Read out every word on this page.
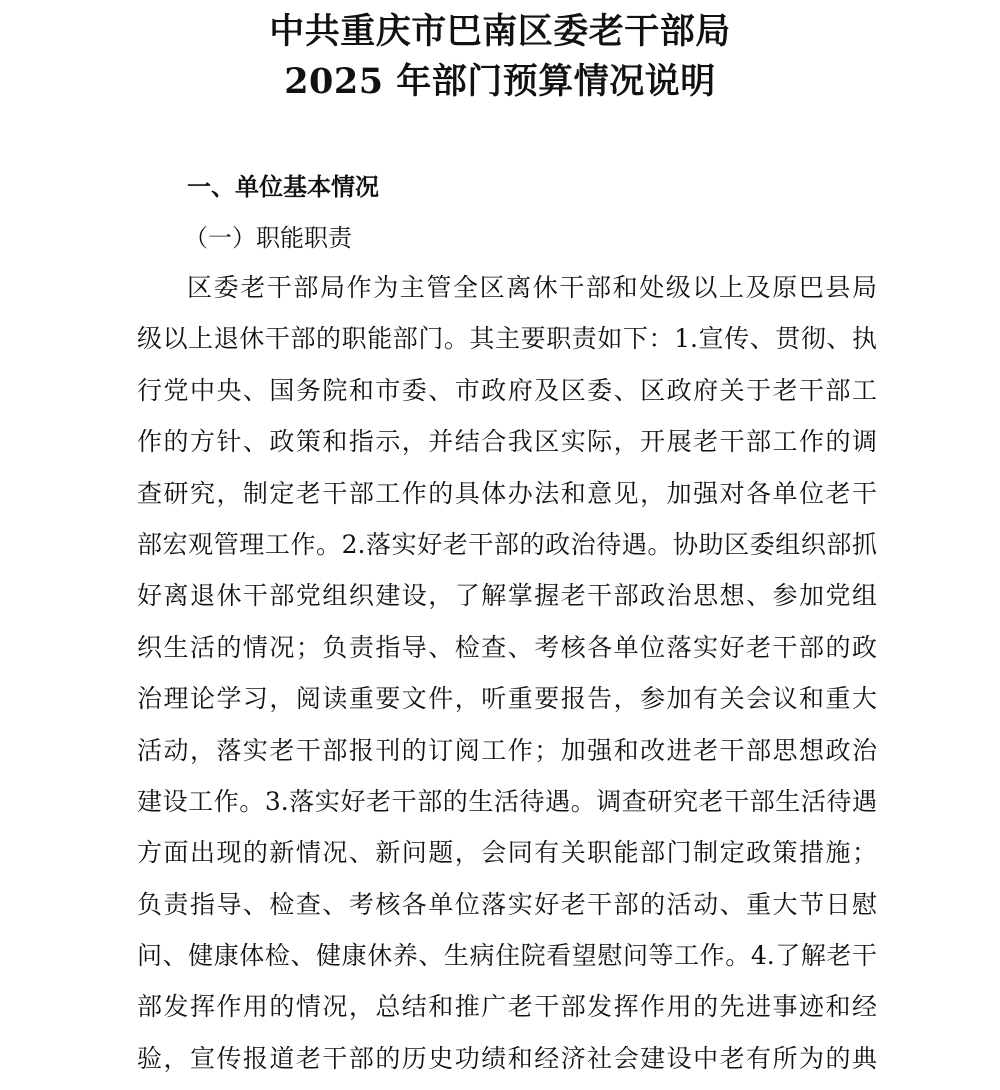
中共重庆市巴南区委老干部局
2025 年部门预算情况说明
一、单位基本情况
（一）职能职责
区委老干部局作为主管全区离休干部和处级以上及原巴县局
级以上退休干部的职能部门。其主要职责如下：1.宣传、贯彻、执
行党中央、国务院和市委、市政府及区委、区政府关于老干部工
作的方针、政策和指示，并结合我区实际，开展老干部工作的调
查研究，制定老干部工作的具体办法和意见，加强对各单位老干
部宏观管理工作。2.落实好老干部的政治待遇。协助区委组织部抓
好离退休干部党组织建设，了解掌握老干部政治思想、参加党组
织生活的情况；负责指导、检查、考核各单位落实好老干部的政
治理论学习，阅读重要文件，听重要报告，参加有关会议和重大
活动，落实老干部报刊的订阅工作；加强和改进老干部思想政治
建设工作。3.落实好老干部的生活待遇。调查研究老干部生活待遇
方面出现的新情况、新问题，会同有关职能部门制定政策措施；
负责指导、检查、考核各单位落实好老干部的活动、重大节日慰
问、健康体检、健康休养、生病住院看望慰问等工作。4.了解老干
部发挥作用的情况，总结和推广老干部发挥作用的先进事迹和经
验，宣传报道老干部的历史功绩和经济社会建设中老有所为的典
